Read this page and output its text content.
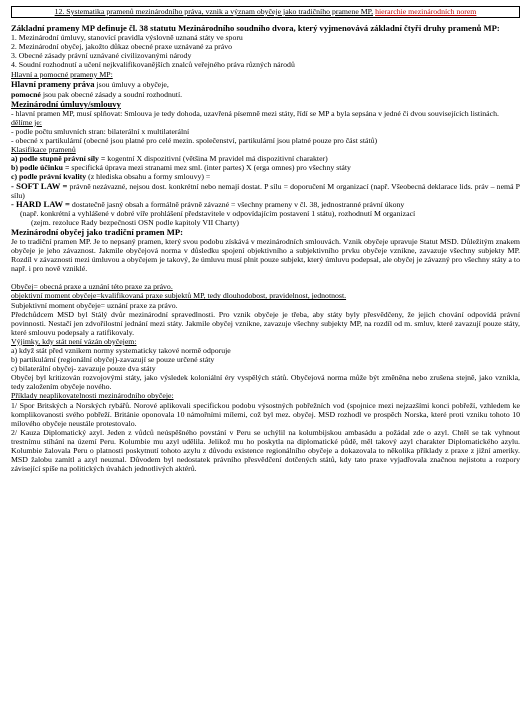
12. Systematika pramenů mezinárodního práva, vznik a význam obyčeje jako tradičního pramene MP, hierarchie mezinárodních norem

Základní prameny MP definuje čl. 38 statutu Mezinárodního soudního dvora, který vyjmenovává základní čtyři druhy pramenů MP:

1. Mezinárodní úmluvy, stanovící pravidla výslovně uznaná státy ve sporu
2. Mezinárodní obyčej, jakožto důkaz obecné praxe uznávané za právo
3. Obecné zásady právní uznávané civilizovanými národy
4. Soudní rozhodnutí a učení nejkvalifikovanějších znalců veřejného práva různých národů

Hlavní a pomocné prameny MP:

Hlavní prameny práva jsou úmluvy a obyčeje,

pomocné jsou pak obecné zásady a soudní rozhodnutí.

Mezinárodní úmluvy/smlouvy

- hlavní pramen MP, musí splňovat: Smlouva je tedy dohoda, uzavřená písemně mezi státy, řídí se MP a byla sepsána v jedné či dvou souvisejících listinách.

dělíme je:

- podle počtu smluvních stran: bilaterální x multilaterální

- obecné x partikulární (obecné jsou platné pro celé mezin. společenství, partikulární jsou platné pouze pro část států)

Klasifikace pramenů

a) podle stupně právní síly = kogentní X dispozitivní (většina M pravidel má dispozitivní charakter)

b) podle účinku = specifická úprava mezi stranami mez sml. (inter partes) X (erga omnes) pro všechny státy

c) podle právní kvality (z hlediska obsahu a formy smlouvy) =

- SOFT LAW = právně nezávazné, nejsou dost. konkrétní nebo nemají dostat. P sílu = doporučení M organizací (např. Všeobecná deklarace lids. práv – nemá P sílu)

- HARD LAW = dostatečně jasný obsah a formálně právně závazné = všechny prameny v čl. 38, jednostranné právní úkony

(např. konkrétní a vyhlášené v dobré víře prohlášení představitele v odpovídajícím postavení 1 státu), rozhodnutí M organizací

(zejm. rezoluce Rady bezpečnosti OSN podle kapitoly VII Charty)

Mezinárodní obyčej jako tradiční pramen MP:

Je to tradiční pramen MP. Je to nepsaný pramen, který svou podobu získává v mezinárodních smlouvách. Vznik obyčeje upravuje Statut MSD. Důležitým znakem obyčeje je jeho závaznost. Jakmile obyčejová norma v důsledku spojení objektivního a subjektivního prvku obyčeje vznikne, zavazuje všechny subjekty MP. Rozdíl v závaznosti mezi úmluvou a obyčejem je takový, že úmluvu musí plnit pouze subjekt, který úmluvu podepsal, ale obyčej je závazný pro všechny státy a to např. i pro nově vzniklé.

Obyčej= obecná praxe a uznání této praxe za právo.

objektivní moment obyčeje=kvalifikovaná praxe subjektů MP, tedy dlouhodobost, pravidelnost, jednotnost.

Subjektivní moment obyčeje= uznání praxe za právo.

Předchůdcem MSD byl Stálý dvůr mezinárodní spravedlnosti. Pro vznik obyčeje je třeba, aby státy byly přesvědčeny, že jejich chování odpovídá právní povinnosti. Nestačí jen zdvořilostní jednání mezi státy. Jakmile obyčej vznikne, zavazuje všechny subjekty MP, na rozdíl od m. smluv, které zavazují pouze státy, které smlouvu podepsaly a ratifikovaly.

Výjimky, kdy stát není vázán obyčejem:

a) když stát před vznikem normy systematicky takové normě odporuje

b) partikulární (regionální obyčej)-zavazují se pouze určené státy

c) bilaterální obyčej- zavazuje pouze dva státy

Obyčej byl kritizován rozvojovými státy, jako výsledek koloniální éry vyspělých států. Obyčejová norma může být změněna nebo zrušena stejně, jako vznikla, tedy založením obyčeje nového.

Příklady neaplikovatelnosti mezinárodního obyčeje:

1/ Spor Britských a Norských rybářů. Norové aplikovali specifickou podobu výsostných pobřežních vod (spojnice mezi nejzazšími konci pobřeží, vzhledem ke komplikovanosti svého pobřeží. Británie oponovala 10 námořními mílemi, což byl mez. obyčej. MSD rozhodl ve prospěch Norska, které proti vzniku tohoto 10 mílového obyčeje neustále protestovalo.

2/ Kauza Diplomatický azyl. Jeden z vůdců neúspěšného povstání v Peru se uchýlil na kolumbijskou ambasádu a požádal zde o azyl. Chtěl se tak vyhnout trestnímu stíhání na území Peru. Kolumbie mu azyl udělila. Jelikož mu ho poskytla na diplomatické půdě, měl takový azyl charakter Diplomatického azylu. Kolumbie žalovala Peru o platnosti poskytnutí tohoto azylu z důvodu existence regionálního obyčeje a dokazovala to několika příklady z praxe z jižní ameriky. MSD žalobu zamítl a azyl neuznal. Důvodem byl nedostatek právního přesvědčení dotčených států, kdy tato praxe vyjadřovala značnou nejistotu a rozpory závisející spíše na politických úvahách jednotlivých aktérů.
